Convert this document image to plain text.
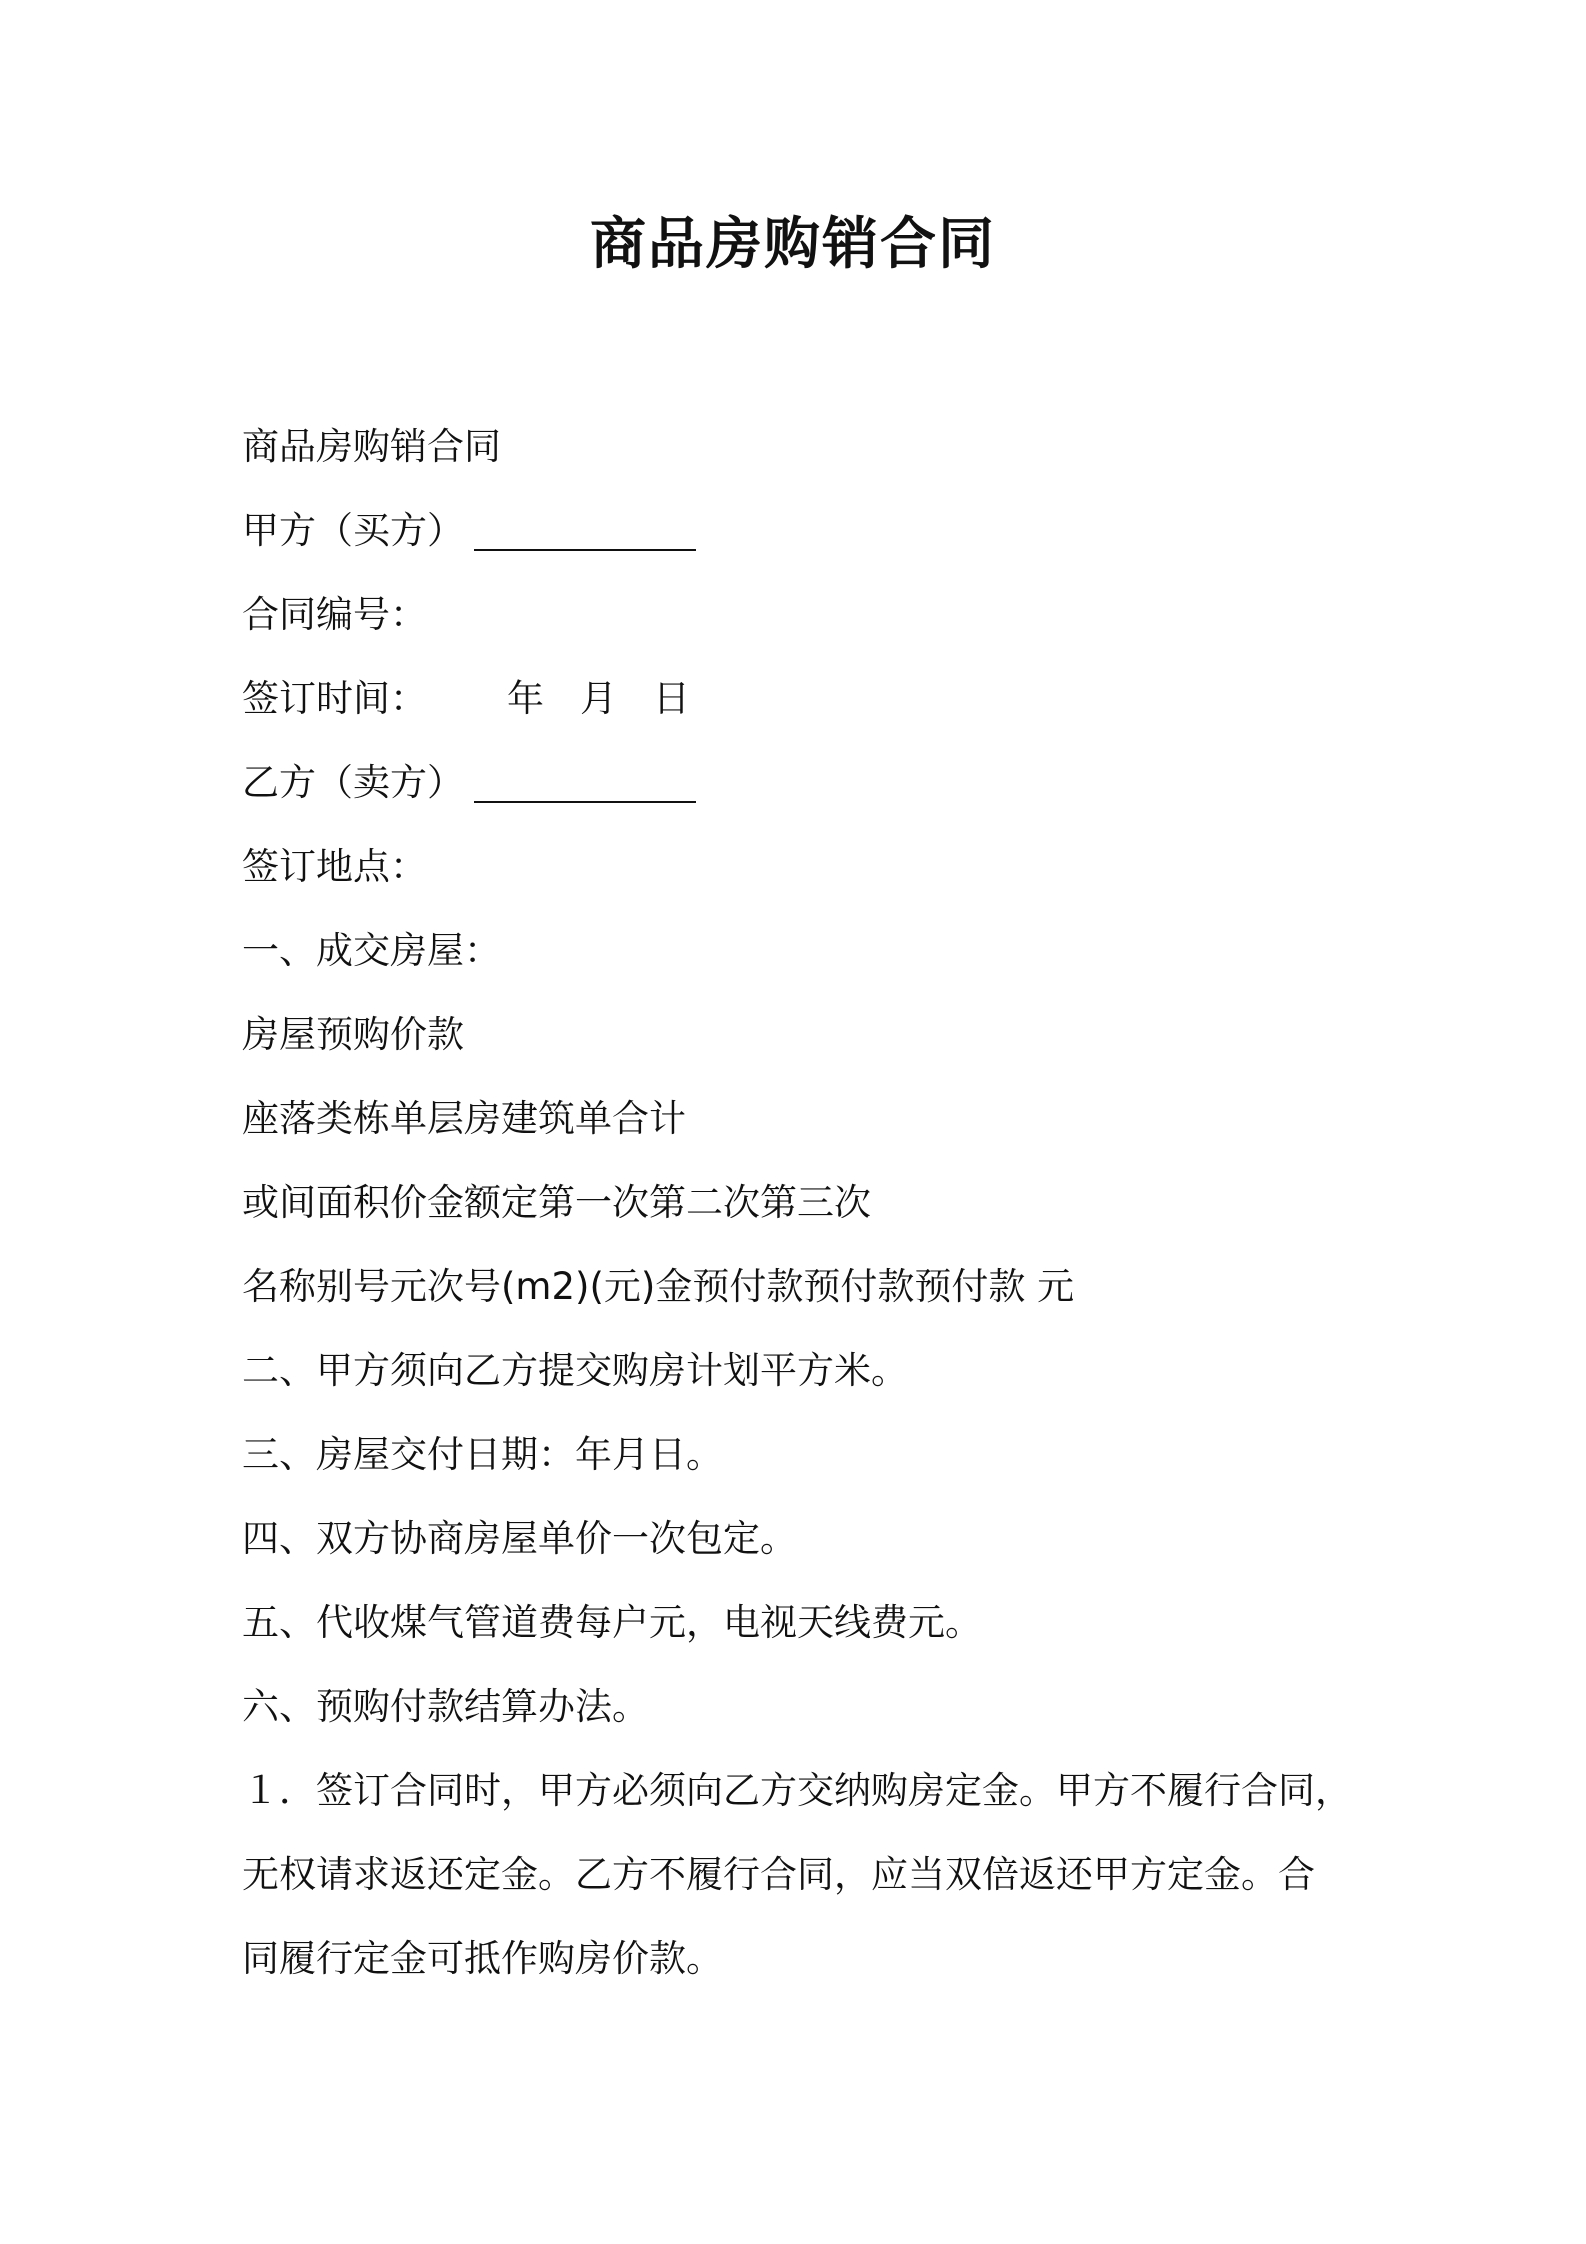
商品房购销合同
商品房购销合同
甲方（买方）
合同编号：
签订时间： 年 月 日
乙方（卖方）
签订地点：
一、成交房屋：
房屋预购价款
座落类栋单层房建筑单合计
或间面积价金额定第一次第二次第三次
名称别号元次号(m2)(元)金预付款预付款预付款 元
二、甲方须向乙方提交购房计划平方米。
三、房屋交付日期：年月日。
四、双方协商房屋单价一次包定。
五、代收煤气管道费每户元，电视天线费元。
六、预购付款结算办法。
１．签订合同时，甲方必须向乙方交纳购房定金。甲方不履行合同，
无权请求返还定金。乙方不履行合同，应当双倍返还甲方定金。合
同履行定金可抵作购房价款。
